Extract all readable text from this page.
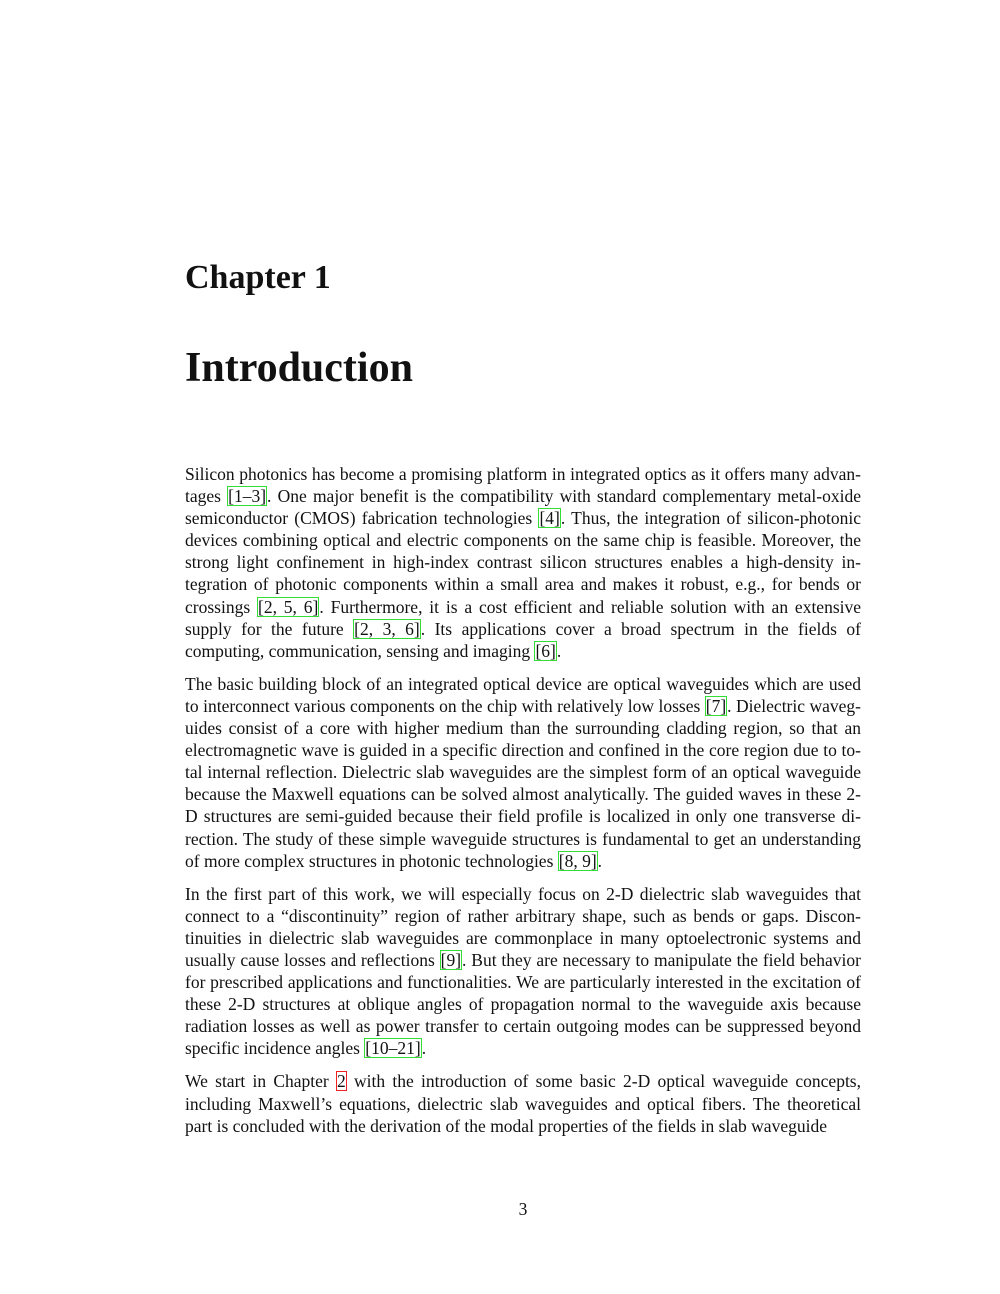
Chapter 1
Introduction

Silicon photonics has become a promising platform in integrated optics as it offers many advantages [1–3]. One major benefit is the compatibility with standard complementary metal-oxide semiconductor (CMOS) fabrication technologies [4]. Thus, the integration of silicon-photonic devices combining optical and electric components on the same chip is feasible. Moreover, the strong light confinement in high-index contrast silicon structures enables a high-density integration of photonic components within a small area and makes it robust, e.g., for bends or crossings [2, 5, 6]. Furthermore, it is a cost efficient and reliable solution with an extensive supply for the future [2, 3, 6]. Its applications cover a broad spectrum in the fields of computing, communication, sensing and imaging [6].

The basic building block of an integrated optical device are optical waveguides which are used to interconnect various components on the chip with relatively low losses [7]. Dielectric waveguides consist of a core with higher medium than the surrounding cladding region, so that an electromagnetic wave is guided in a specific direction and confined in the core region due to total internal reflection. Dielectric slab waveguides are the simplest form of an optical waveguide because the Maxwell equations can be solved almost analytically. The guided waves in these 2-D structures are semi-guided because their field profile is localized in only one transverse direction. The study of these simple waveguide structures is fundamental to get an understanding of more complex structures in photonic technologies [8, 9].

In the first part of this work, we will especially focus on 2-D dielectric slab waveguides that connect to a “discontinuity” region of rather arbitrary shape, such as bends or gaps. Discontinuities in dielectric slab waveguides are commonplace in many optoelectronic systems and usually cause losses and reflections [9]. But they are necessary to manipulate the field behavior for prescribed applications and functionalities. We are particularly interested in the excitation of these 2-D structures at oblique angles of propagation normal to the waveguide axis because radiation losses as well as power transfer to certain outgoing modes can be suppressed beyond specific incidence angles [10–21].

We start in Chapter 2 with the introduction of some basic 2-D optical waveguide concepts, including Maxwell’s equations, dielectric slab waveguides and optical fibers. The theoretical part is concluded with the derivation of the modal properties of the fields in slab waveguide

3
